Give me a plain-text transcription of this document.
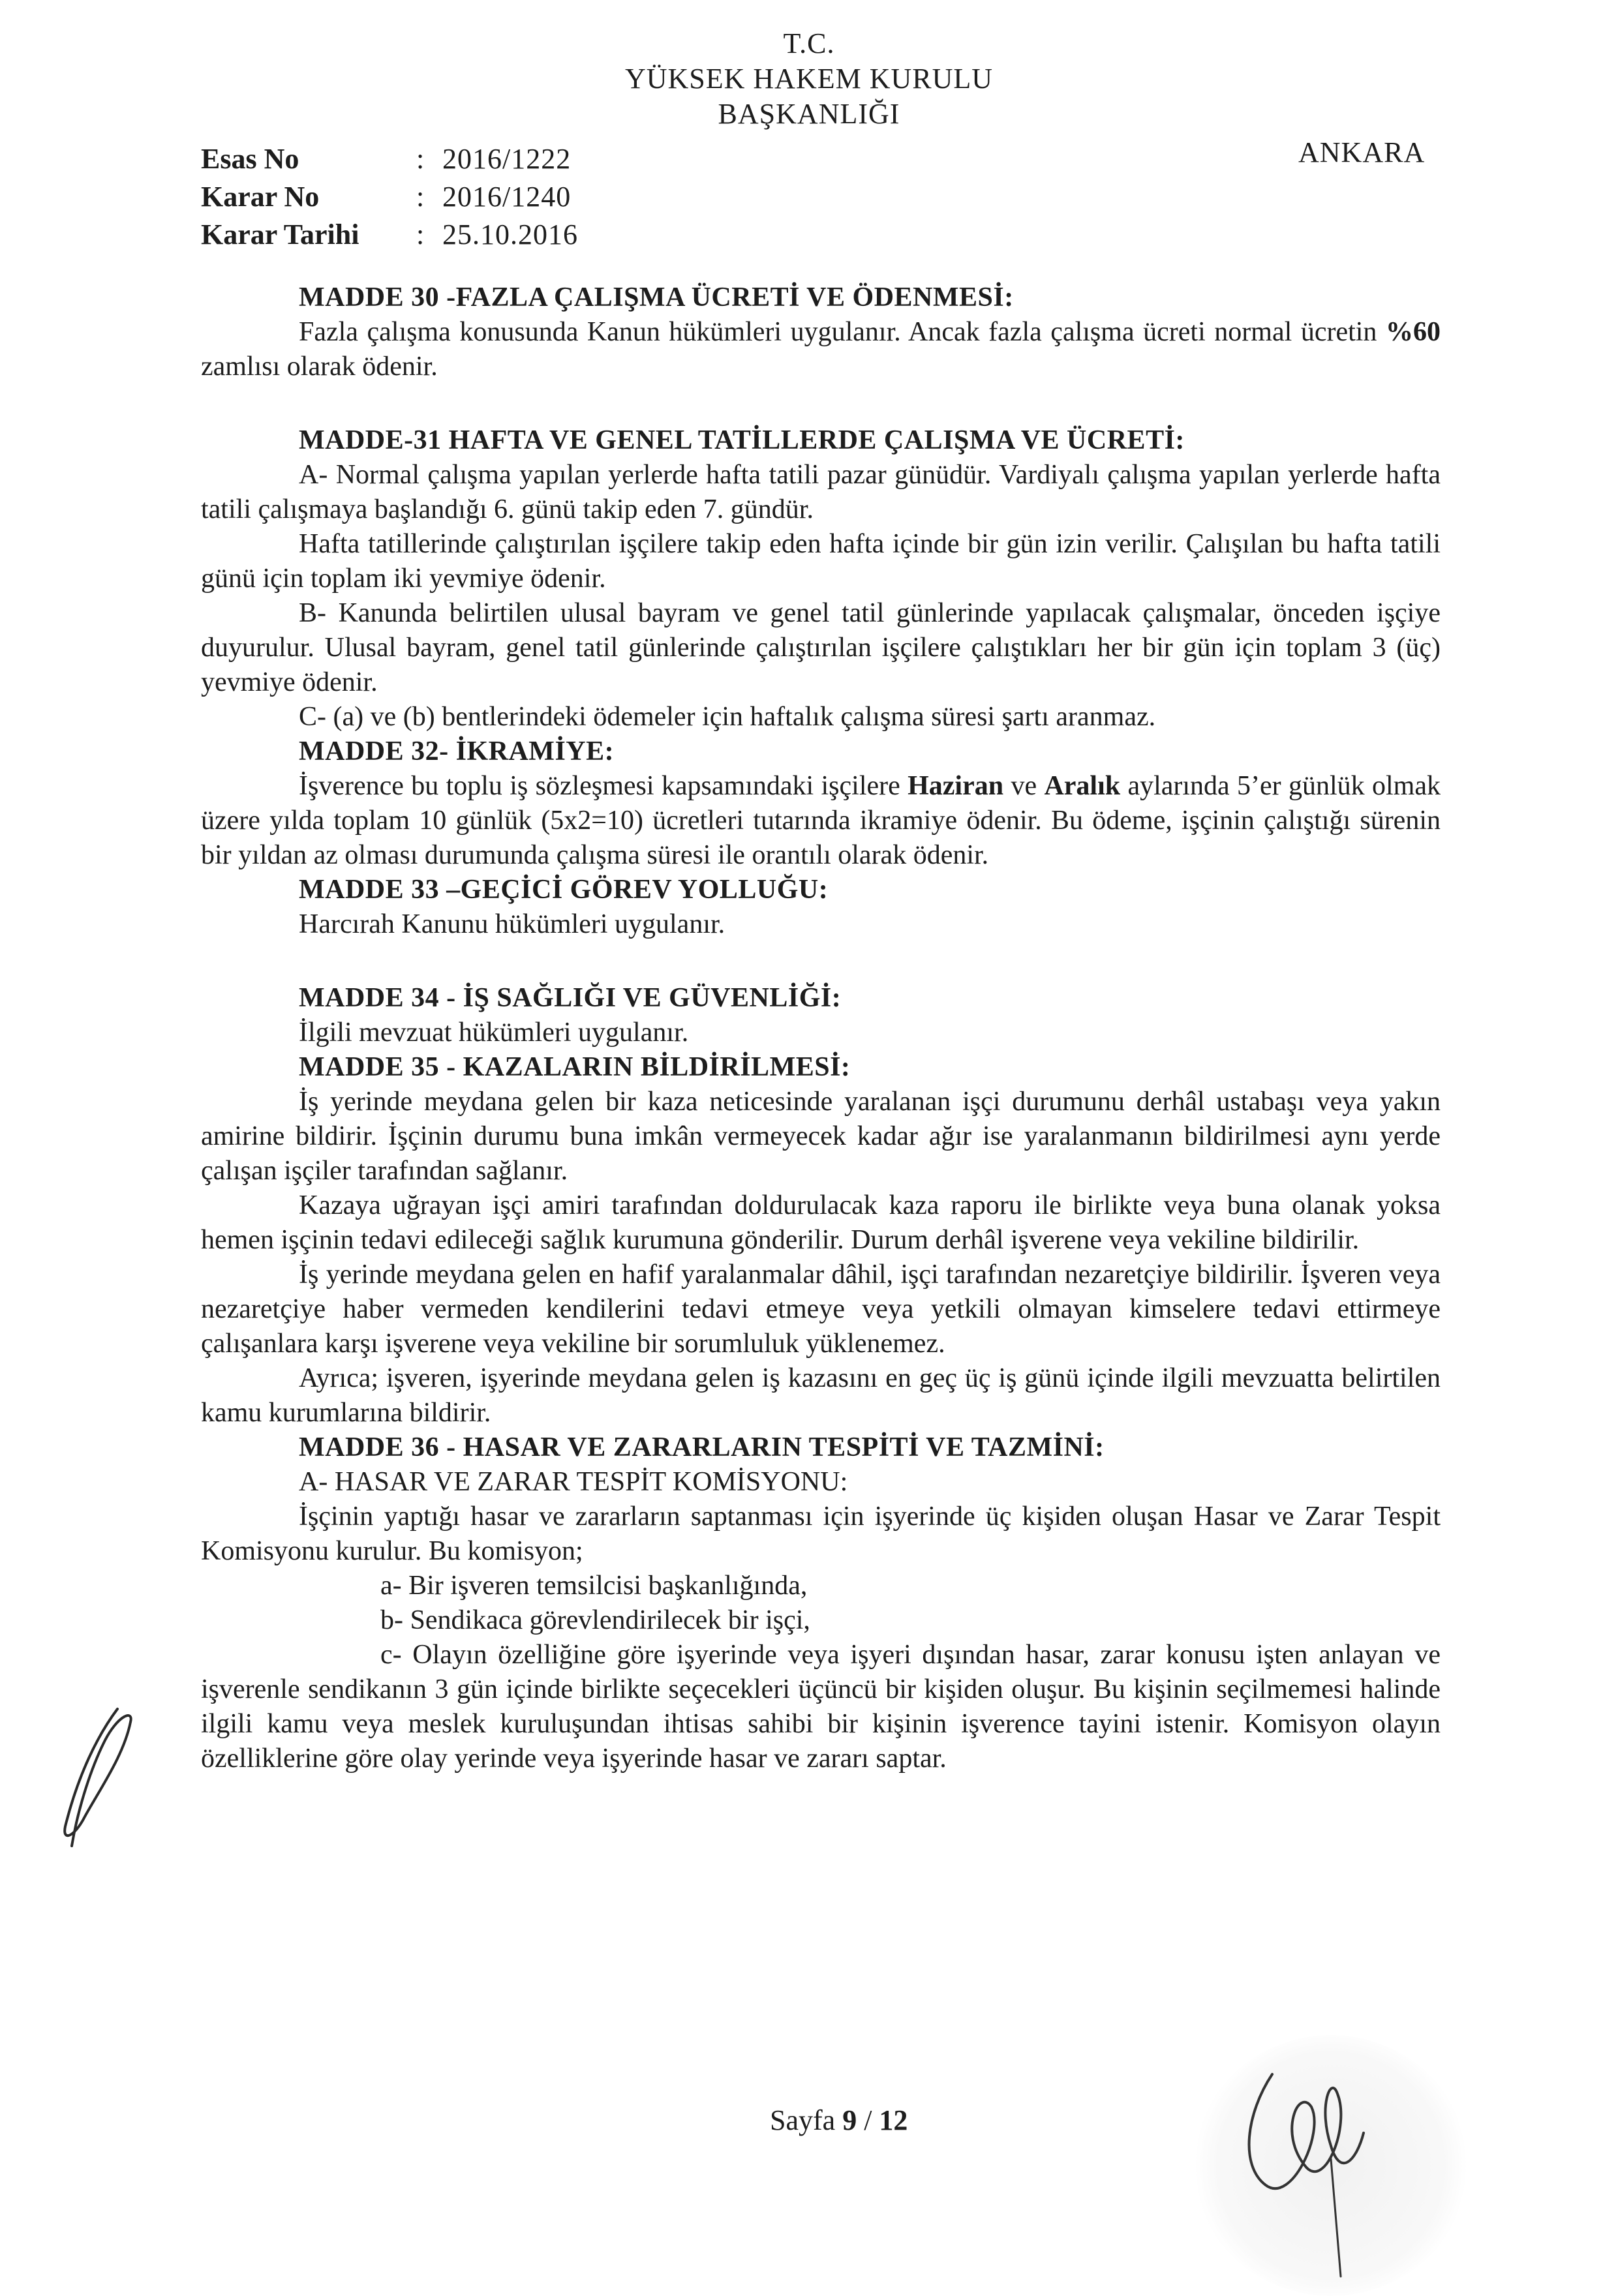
T.C.
YÜKSEK HAKEM KURULU
BAŞKANLIĞI
ANKARA
Esas No	: 2016/1222
Karar No	: 2016/1240
Karar Tarihi	: 25.10.2016

MADDE 30 -FAZLA ÇALIŞMA ÜCRETİ VE ÖDENMESİ:

Fazla çalışma konusunda Kanun hükümleri uygulanır. Ancak fazla çalışma ücreti normal ücretin %60 zamlısı olarak ödenir.

MADDE-31 HAFTA VE GENEL TATİLLERDE ÇALIŞMA VE ÜCRETİ:

A- Normal çalışma yapılan yerlerde hafta tatili pazar günüdür. Vardiyalı çalışma yapılan yerlerde hafta tatili çalışmaya başlandığı 6. günü takip eden 7. gündür.

Hafta tatillerinde çalıştırılan işçilere takip eden hafta içinde bir gün izin verilir. Çalışılan bu hafta tatili günü için toplam iki yevmiye ödenir.

B- Kanunda belirtilen ulusal bayram ve genel tatil günlerinde yapılacak çalışmalar, önceden işçiye duyurulur. Ulusal bayram, genel tatil günlerinde çalıştırılan işçilere çalıştıkları her bir gün için toplam 3 (üç) yevmiye ödenir.

C- (a) ve (b) bentlerindeki ödemeler için haftalık çalışma süresi şartı aranmaz.

MADDE 32- İKRAMİYE:

İşverence bu toplu iş sözleşmesi kapsamındaki işçilere Haziran ve Aralık aylarında 5’er günlük olmak üzere yılda toplam 10 günlük (5x2=10) ücretleri tutarında ikramiye ödenir. Bu ödeme, işçinin çalıştığı sürenin bir yıldan az olması durumunda çalışma süresi ile orantılı olarak ödenir.

MADDE 33 –GEÇİCİ GÖREV YOLLUĞU:

Harcırah Kanunu hükümleri uygulanır.

MADDE 34 - İŞ SAĞLIĞI VE GÜVENLİĞİ:

İlgili mevzuat hükümleri uygulanır.

MADDE 35 - KAZALARIN BİLDİRİLMESİ:

İş yerinde meydana gelen bir kaza neticesinde yaralanan işçi durumunu derhâl ustabaşı veya yakın amirine bildirir. İşçinin durumu buna imkân vermeyecek kadar ağır ise yaralanmanın bildirilmesi aynı yerde çalışan işçiler tarafından sağlanır.

Kazaya uğrayan işçi amiri tarafından doldurulacak kaza raporu ile birlikte veya buna olanak yoksa hemen işçinin tedavi edileceği sağlık kurumuna gönderilir. Durum derhâl işverene veya vekiline bildirilir.

İş yerinde meydana gelen en hafif yaralanmalar dâhil, işçi tarafından nezaretçiye bildirilir. İşveren veya nezaretçiye haber vermeden kendilerini tedavi etmeye veya yetkili olmayan kimselere tedavi ettirmeye çalışanlara karşı işverene veya vekiline bir sorumluluk yüklenemez.

Ayrıca; işveren, işyerinde meydana gelen iş kazasını en geç üç iş günü içinde ilgili mevzuatta belirtilen kamu kurumlarına bildirir.

MADDE 36 - HASAR VE ZARARLARIN TESPİTİ VE TAZMİNİ:

A- HASAR VE ZARAR TESPİT KOMİSYONU:

İşçinin yaptığı hasar ve zararların saptanması için işyerinde üç kişiden oluşan Hasar ve Zarar Tespit Komisyonu kurulur. Bu komisyon;

a- Bir işveren temsilcisi başkanlığında,

b- Sendikaca görevlendirilecek bir işçi,

c- Olayın özelliğine göre işyerinde veya işyeri dışından hasar, zarar konusu işten anlayan ve işverenle sendikanın 3 gün içinde birlikte seçecekleri üçüncü bir kişiden oluşur. Bu kişinin seçilmemesi halinde ilgili kamu veya meslek kuruluşundan ihtisas sahibi bir kişinin işverence tayini istenir. Komisyon olayın özelliklerine göre olay yerinde veya işyerinde hasar ve zararı saptar.

Sayfa 9 / 12
